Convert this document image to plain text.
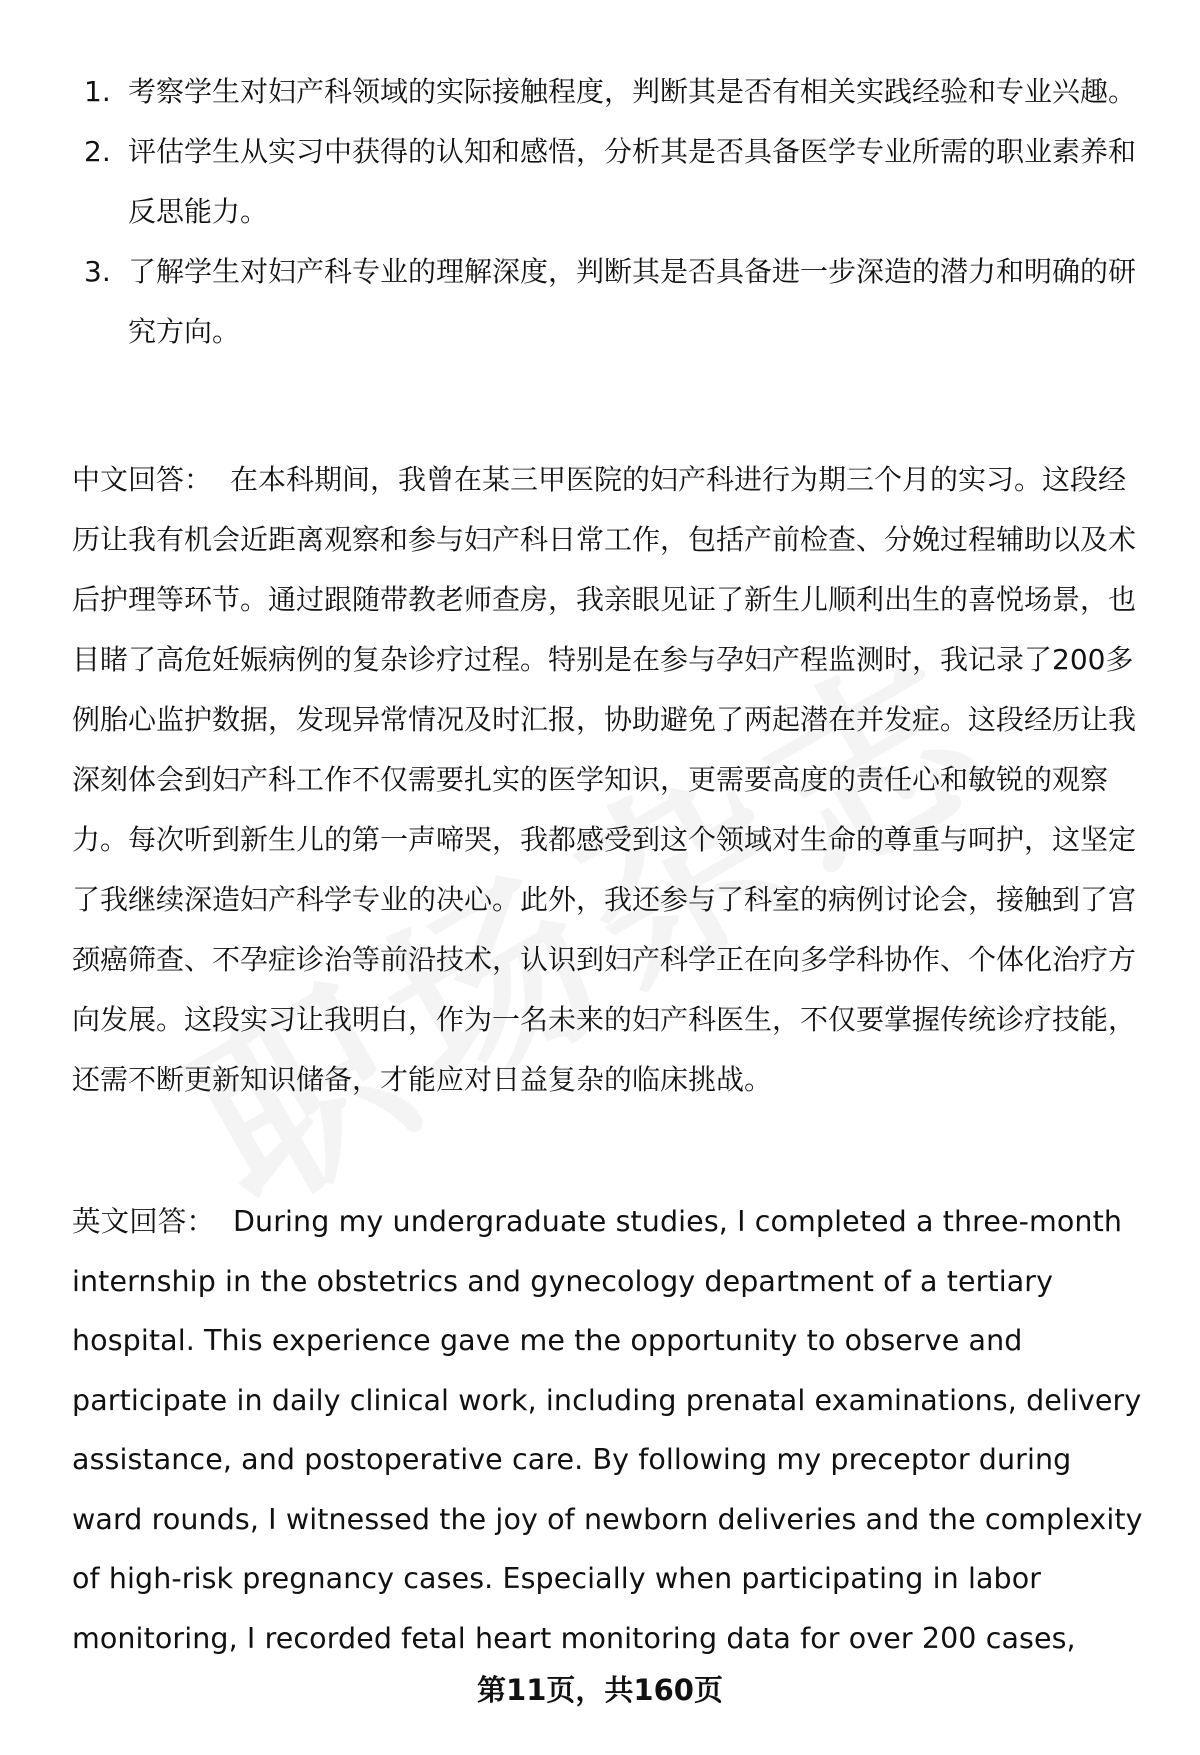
1. 考察学生对妇产科领域的实际接触程度，判断其是否有相关实践经验和专业兴趣。
2. 评估学生从实习中获得的认知和感悟，分析其是否具备医学专业所需的职业素养和反思能力。
3. 了解学生对妇产科专业的理解深度，判断其是否具备进一步深造的潜力和明确的研究方向。

中文回答： 在本科期间，我曾在某三甲医院的妇产科进行为期三个月的实习。这段经历让我有机会近距离观察和参与妇产科日常工作，包括产前检查、分娩过程辅助以及术后护理等环节。通过跟随带教老师查房，我亲眼见证了新生儿顺利出生的喜悦场景，也目睹了高危妊娠病例的复杂诊疗过程。特别是在参与孕妇产程监测时，我记录了200多例胎心监护数据，发现异常情况及时汇报，协助避免了两起潜在并发症。这段经历让我深刻体会到妇产科工作不仅需要扎实的医学知识，更需要高度的责任心和敏锐的观察力。每次听到新生儿的第一声啼哭，我都感受到这个领域对生命的尊重与呵护，这坚定了我继续深造妇产科学专业的决心。此外，我还参与了科室的病例讨论会，接触到了宫颈癌筛查、不孕症诊治等前沿技术，认识到妇产科学正在向多学科协作、个体化治疗方向发展。这段实习让我明白，作为一名未来的妇产科医生，不仅要掌握传统诊疗技能，还需不断更新知识储备，才能应对日益复杂的临床挑战。

英文回答： During my undergraduate studies, I completed a three-month internship in the obstetrics and gynecology department of a tertiary hospital. This experience gave me the opportunity to observe and participate in daily clinical work, including prenatal examinations, delivery assistance, and postoperative care. By following my preceptor during ward rounds, I witnessed the joy of newborn deliveries and the complexity of high-risk pregnancy cases. Especially when participating in labor monitoring, I recorded fetal heart monitoring data for over 200 cases,

第11页，共160页
